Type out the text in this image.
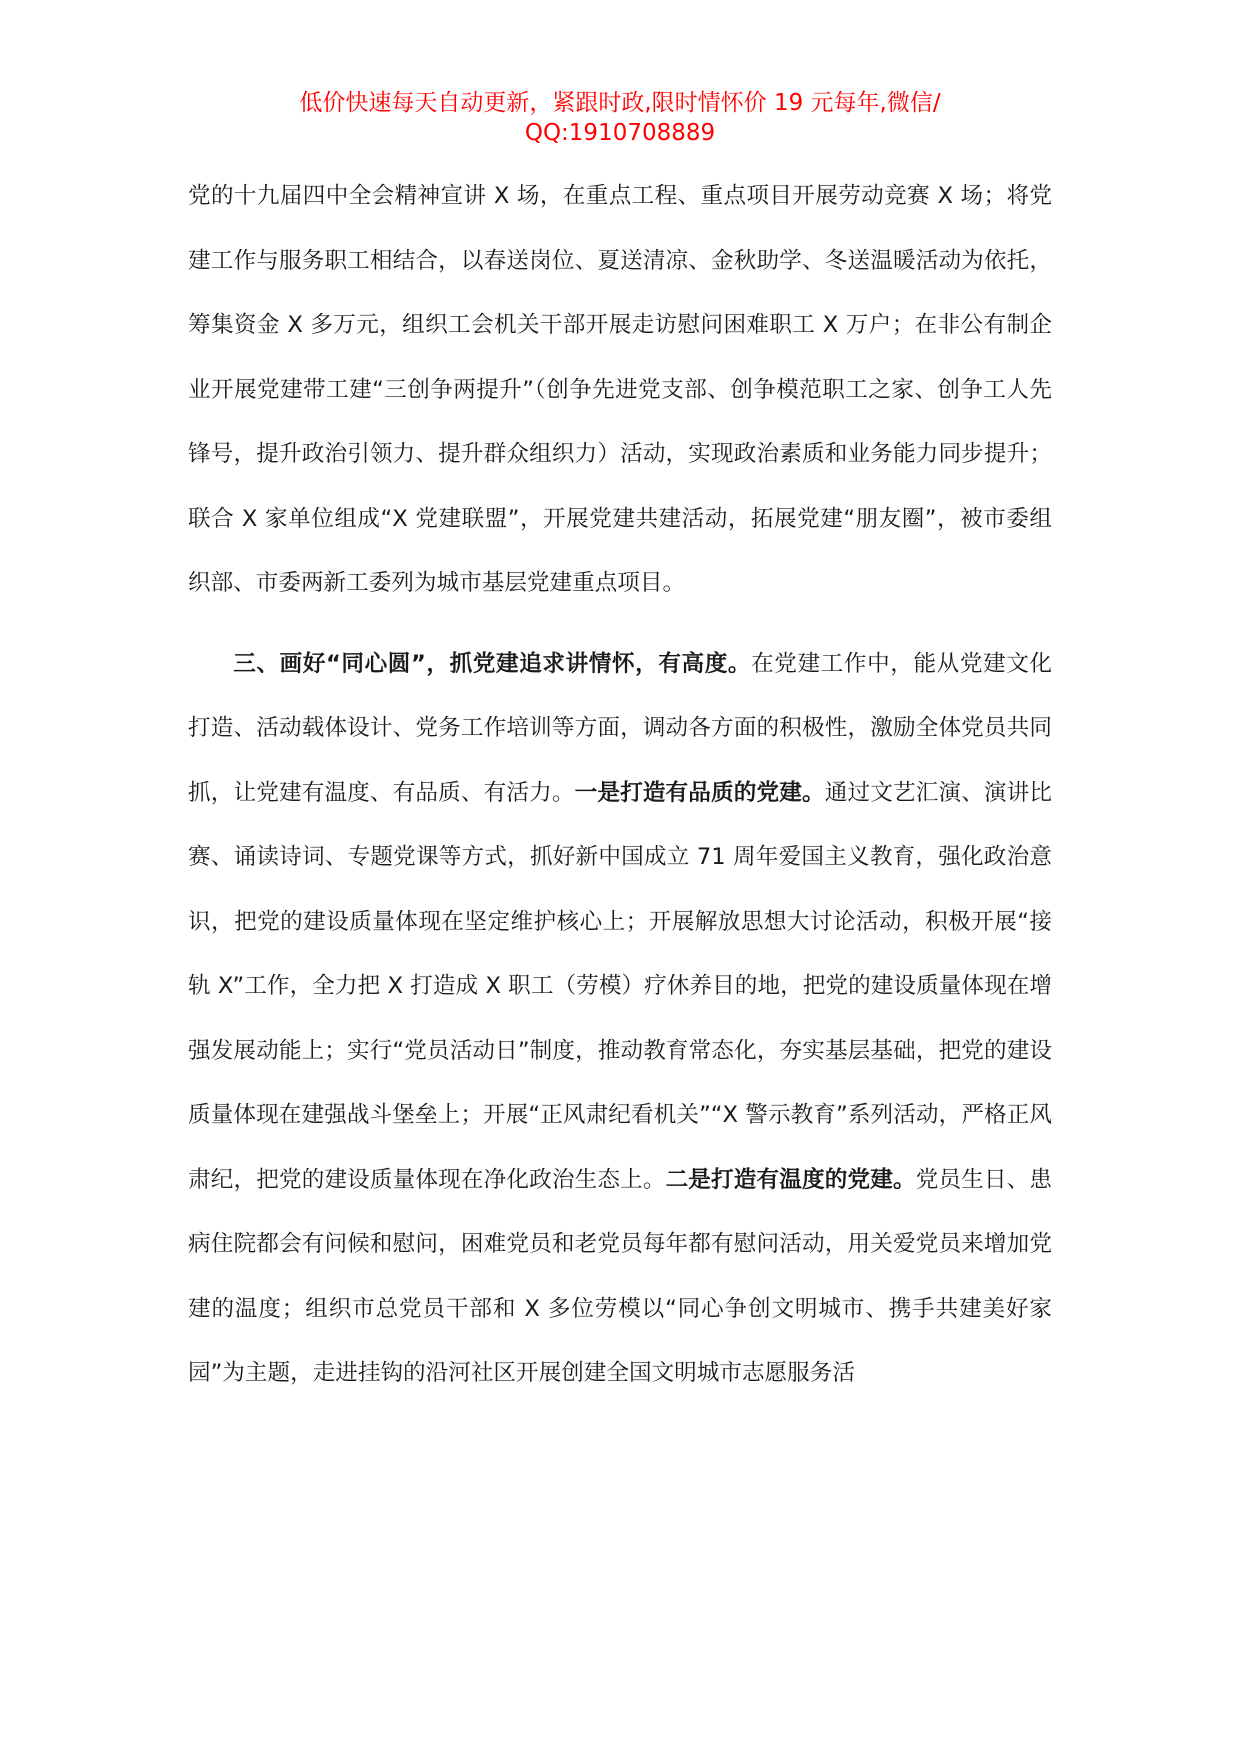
低价快速每天自动更新，紧跟时政,限时情怀价 19 元每年,微信/
QQ:1910708889

党的十九届四中全会精神宣讲 X 场，在重点工程、重点项目开展劳动竞赛 X 场；将党建工作与服务职工相结合，以春送岗位、夏送清凉、金秋助学、冬送温暖活动为依托，筹集资金 X 多万元，组织工会机关干部开展走访慰问困难职工 X 万户；在非公有制企业开展党建带工建“三创争两提升”（创争先进党支部、创争模范职工之家、创争工人先锋号，提升政治引领力、提升群众组织力）活动，实现政治素质和业务能力同步提升；联合 X 家单位组成“X 党建联盟”，开展党建共建活动，拓展党建“朋友圈”，被市委组织部、市委两新工委列为城市基层党建重点项目。

三、画好“同心圆”，抓党建追求讲情怀，有高度。在党建工作中，能从党建文化打造、活动载体设计、党务工作培训等方面，调动各方面的积极性，激励全体党员共同抓，让党建有温度、有品质、有活力。一是打造有品质的党建。通过文艺汇演、演讲比赛、诵读诗词、专题党课等方式，抓好新中国成立 71 周年爱国主义教育，强化政治意识，把党的建设质量体现在坚定维护核心上；开展解放思想大讨论活动，积极开展“接轨 X”工作，全力把 X 打造成 X 职工（劳模）疗休养目的地，把党的建设质量体现在增强发展动能上；实行“党员活动日”制度，推动教育常态化，夯实基层基础，把党的建设质量体现在建强战斗堡垒上；开展“正风肃纪看机关”“X 警示教育”系列活动，严格正风肃纪，把党的建设质量体现在净化政治生态上。二是打造有温度的党建。党员生日、患病住院都会有问候和慰问，困难党员和老党员每年都有慰问活动，用关爱党员来增加党建的温度；组织市总党员干部和 X 多位劳模以“同心争创文明城市、携手共建美好家园”为主题，走进挂钩的沿河社区开展创建全国文明城市志愿服务活
